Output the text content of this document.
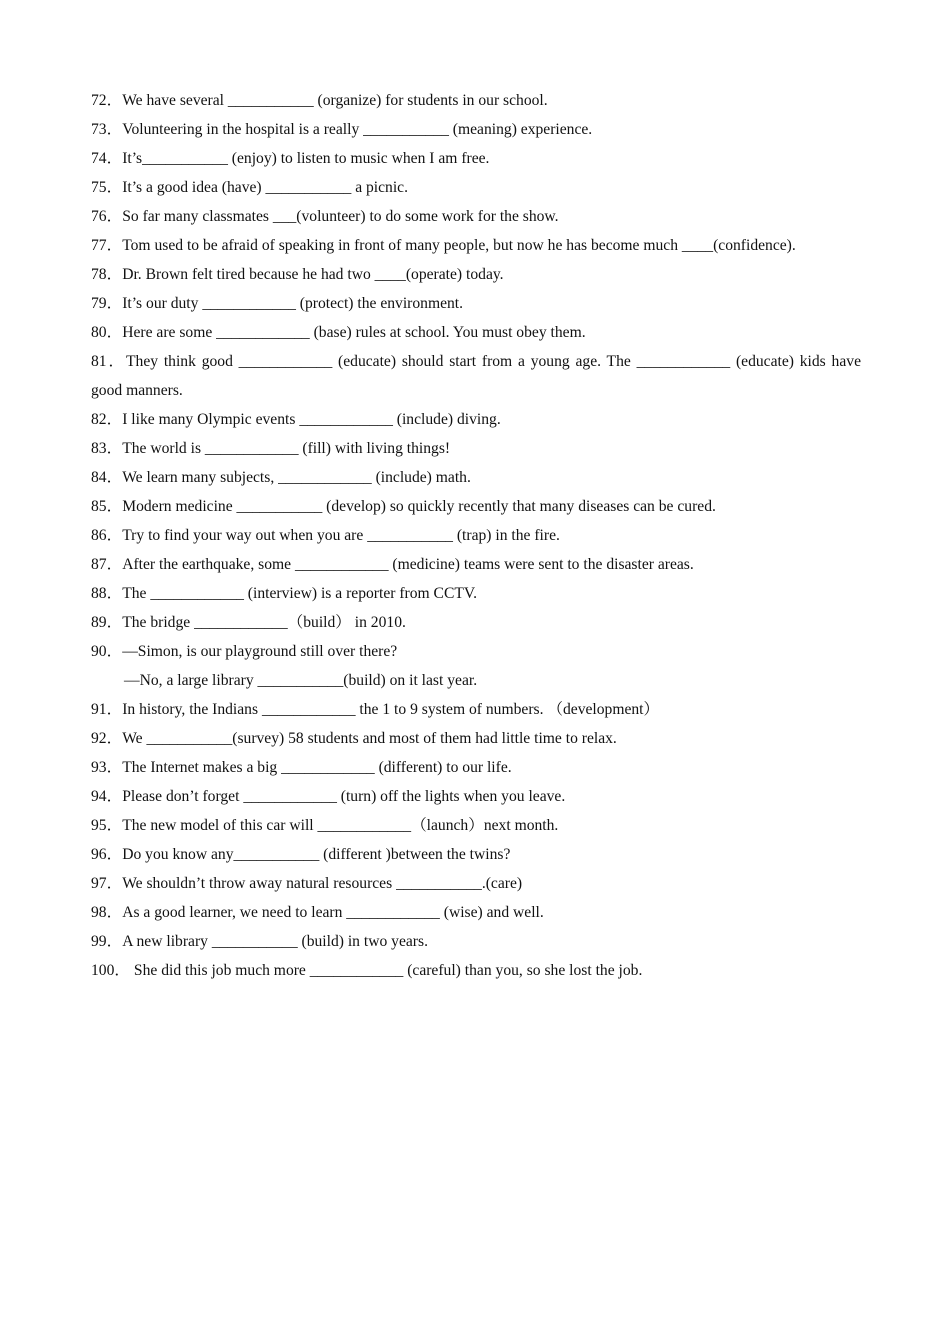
72．We have several ___________ (organize) for students in our school.

73．Volunteering in the hospital is a really ___________ (meaning) experience.

74．It’s___________ (enjoy) to listen to music when I am free.

75．It’s a good idea (have) ___________ a picnic.

76．So far many classmates ___(volunteer) to do some work for the show.

77．Tom used to be afraid of speaking in front of many people, but now he has become much ____(confidence).

78．Dr. Brown felt tired because he had two ____(operate) today.

79．It’s our duty ____________ (protect) the environment.

80．Here are some ____________ (base) rules at school. You must obey them.

81．They think good ____________ (educate) should start from a young age. The ____________ (educate) kids have good manners.

82．I like many Olympic events ____________ (include) diving.

83．The world is ____________ (fill) with living things!

84．We learn many subjects, ____________ (include) math.

85．Modern medicine ___________ (develop) so quickly recently that many diseases can be cured.

86．Try to find your way out when you are ___________ (trap) in the fire.

87．After the earthquake, some ____________ (medicine) teams were sent to the disaster areas.

88．The ____________ (interview) is a reporter from CCTV.

89．The bridge ____________（build） in 2010.

90．—Simon, is our playground still over there?
—No, a large library ___________(build) on it last year.

91．In history, the Indians ____________ the 1 to 9 system of numbers. （development）

92．We ___________(survey) 58 students and most of them had little time to relax.

93．The Internet makes a big ____________ (different) to our life.

94．Please don’t forget ____________ (turn) off the lights when you leave.

95．The new model of this car will ____________（launch）next month.

96．Do you know any___________ (different )between the twins?

97．We shouldn’t throw away natural resources ___________.(care)

98．As a good learner, we need to learn ____________ (wise) and well.

99．A new library ___________ (build) in two years.

100． She did this job much more ____________ (careful) than you, so she lost the job.
